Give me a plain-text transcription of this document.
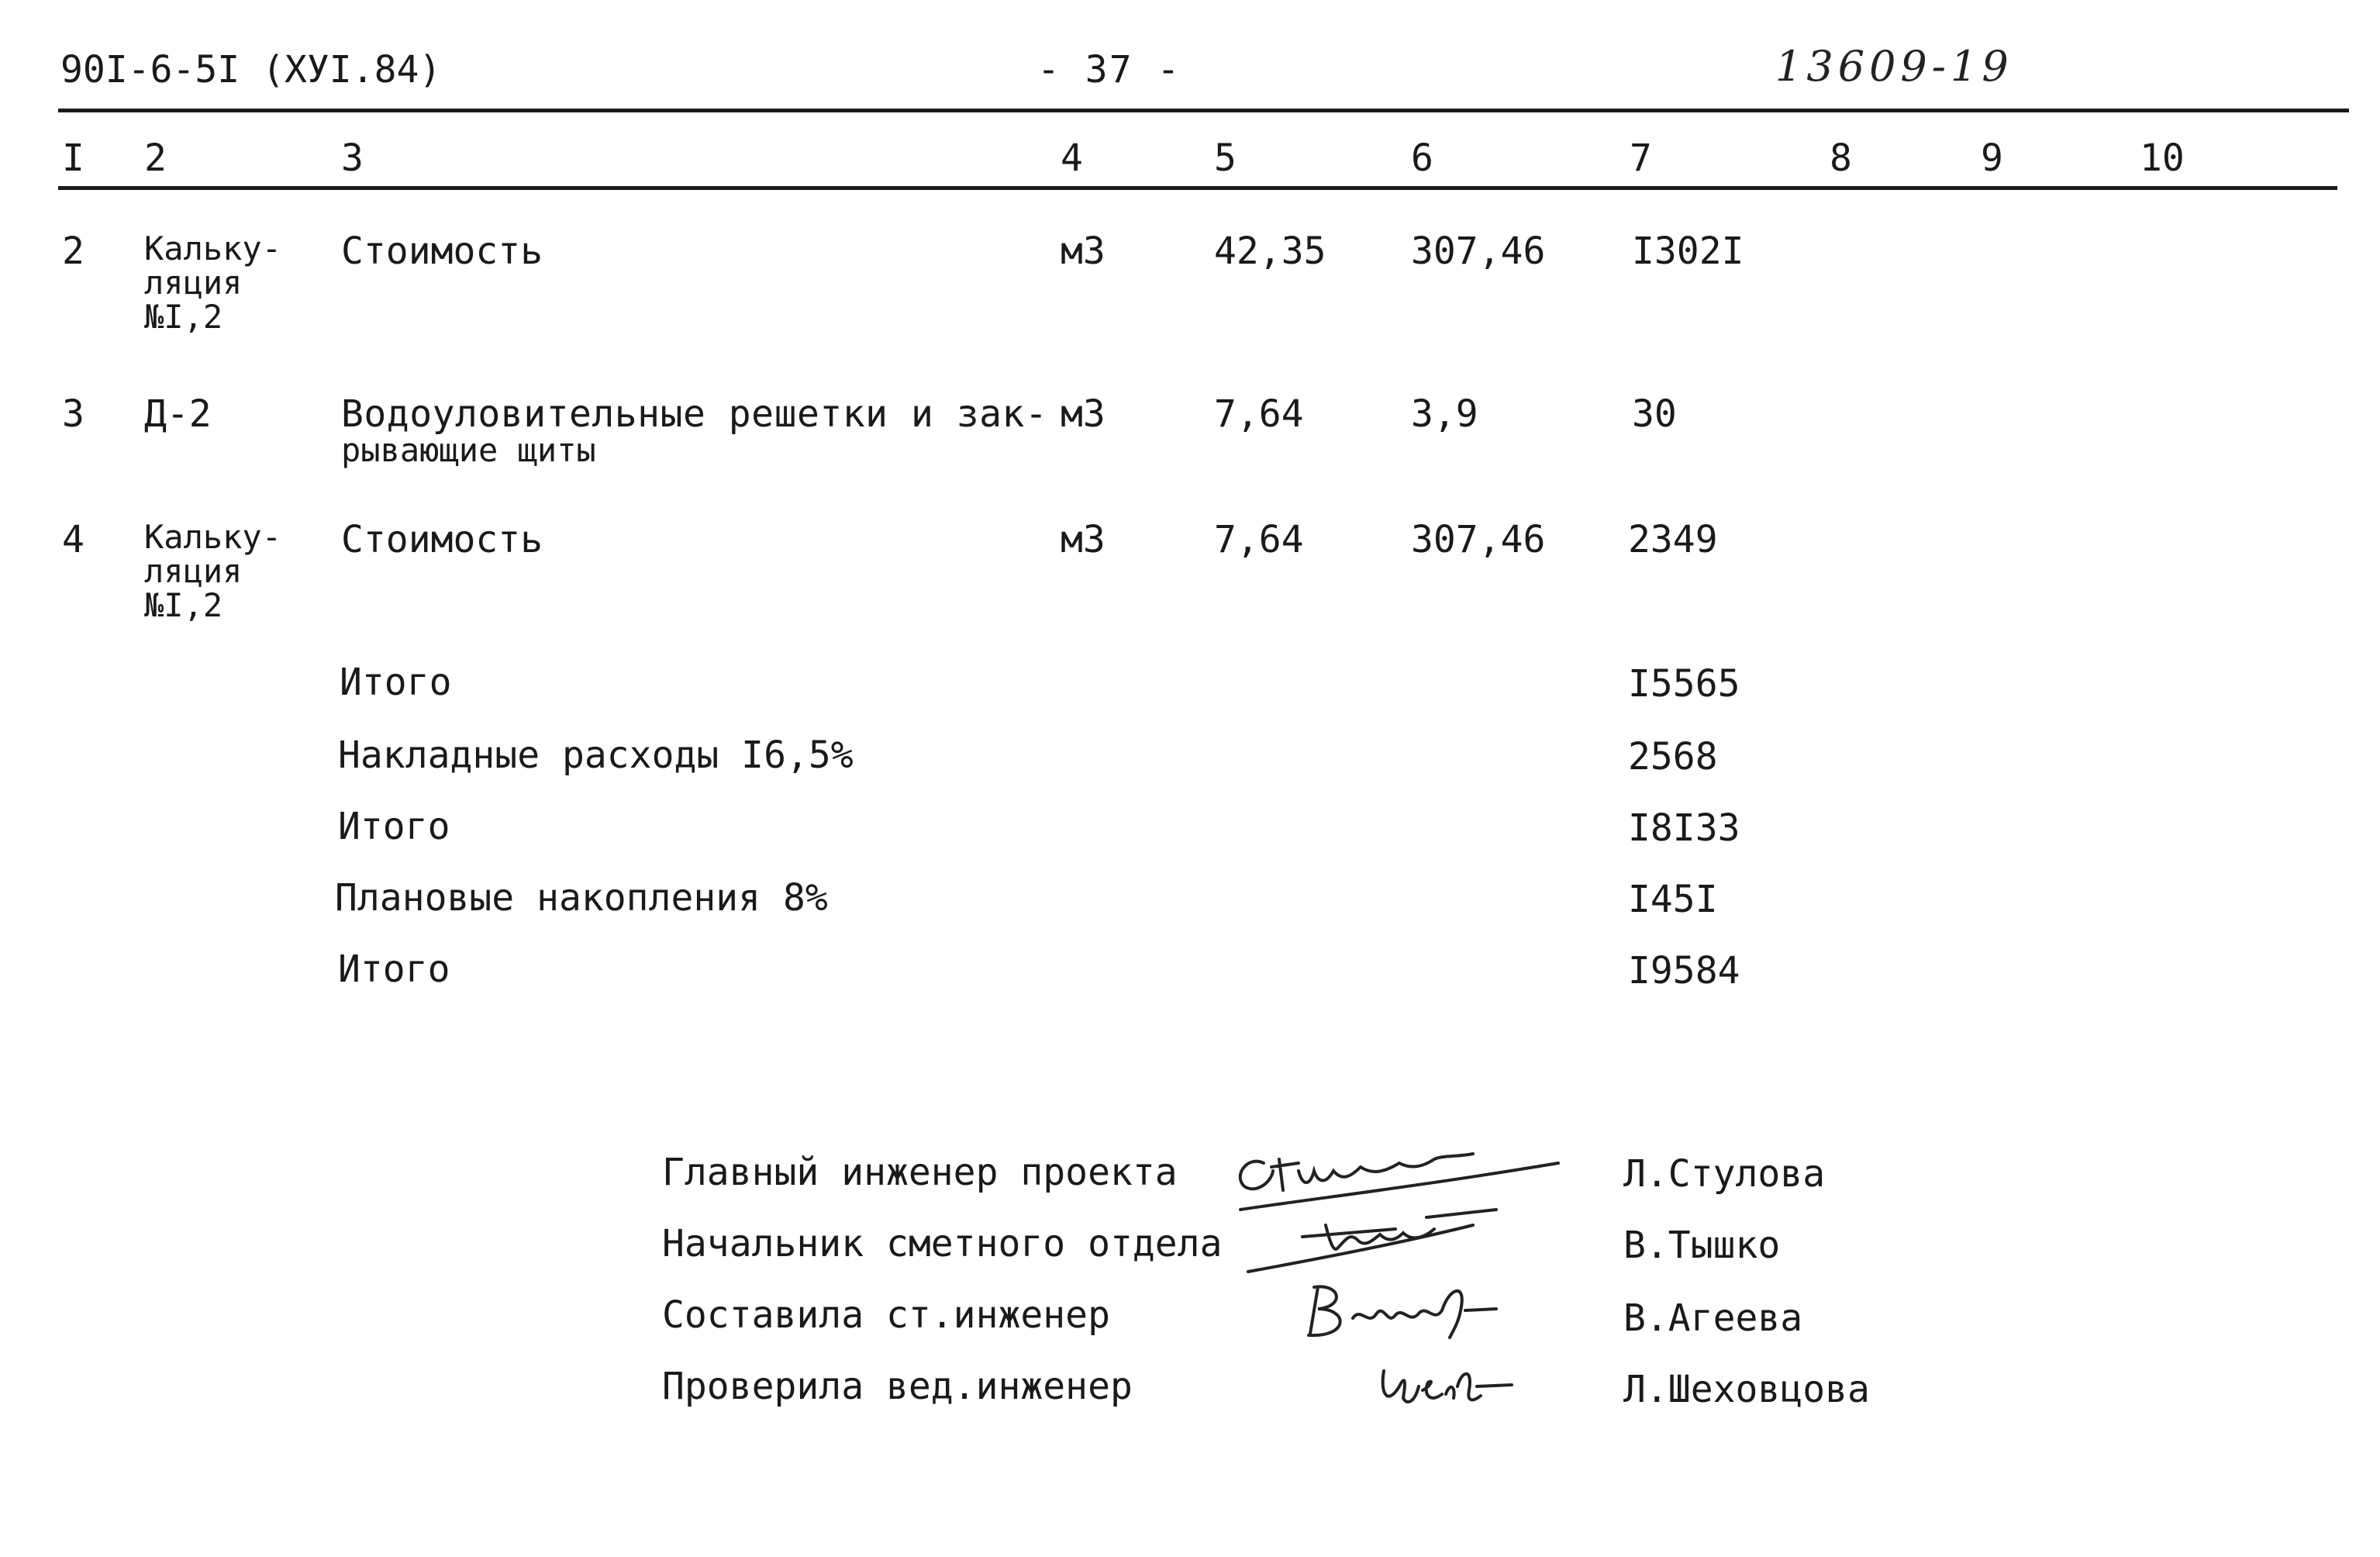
90I-6-5I (XУI.84)	- 37 -	13609-19
I 2	3	4	5	6	7	8	9	10
2 Кальку-
ляция
№I,2
Стоимость	м3	42,35 307,46 I302I
3 Д-2	Водоуловительные решетки и зак-
рывающие щиты
м3	7,64	3,9	30
4 Кальку-
ляция
№I,2
Стоимость	м3	7,64	307,46 2349
Итого	I5565
Накладные расходы I6,5%	2568
Итого	I8I33
Плановые накопления 8%	I45I
Итого	I9584
Главный инженер проекта	Л.Стулова
Начальник сметного отдела	В.Тышко
Составила ст.инженер	В.Агеева
Проверила вед.инженер	Л.Шеховцова
